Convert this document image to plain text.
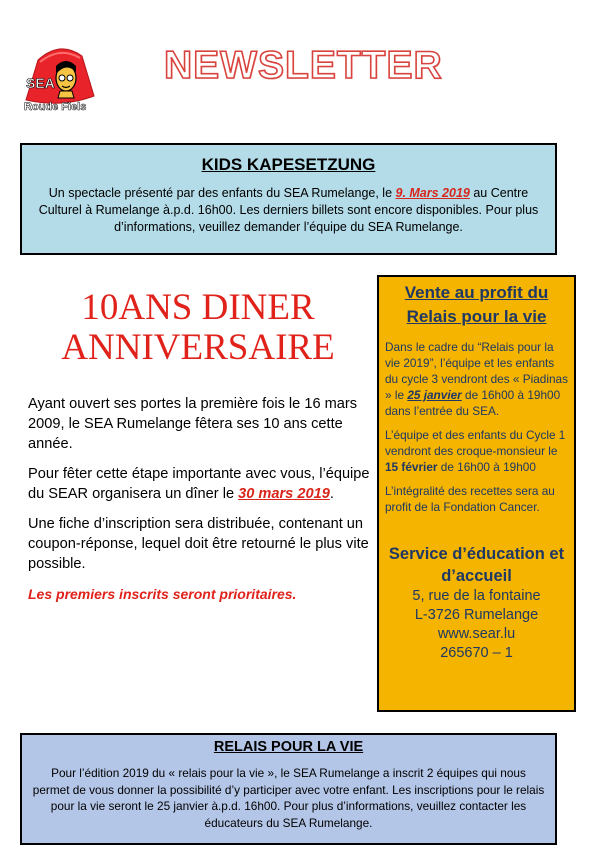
SEA
Roude Fiels
NEWSLETTER
KIDS KAPESETZUNG

Un spectacle présenté par des enfants du SEA Rumelange, le 9. Mars 2019 au Centre Culturel à Rumelange à.p.d. 16h00. Les derniers billets sont encore disponibles. Pour plus d’informations, veuillez demander l’équipe du SEA Rumelange.

10ANS DINER
ANNIVERSAIRE

Ayant ouvert ses portes la première fois le 16 mars 2009, le SEA Rumelange fêtera ses 10 ans cette année.

Pour fêter cette étape importante avec vous, l’équipe du SEAR organisera un dîner le 30 mars 2019.

Une fiche d’inscription sera distribuée, contenant un coupon-réponse, lequel doit être retourné le plus vite possible.

Les premiers inscrits seront prioritaires.

Vente au profit du Relais pour la vie

Dans le cadre du “Relais pour la vie 2019”, l’équipe et les enfants du cycle 3 vendront des « Piadinas » le 25 janvier de 16h00 à 19h00 dans l’entrée du SEA.

L’équipe et des enfants du Cycle 1 vendront des croque-monsieur le 15 février de 16h00 à 19h00

L’intégralité des recettes sera au profit de la Fondation Cancer.

Service d’éducation et d’accueil
5, rue de la fontaine
L-3726 Rumelange
www.sear.lu
265670 – 1
RELAIS POUR LA VIE

Pour l’édition 2019 du « relais pour la vie », le SEA Rumelange a inscrit 2 équipes qui nous permet de vous donner la possibilité d’y participer avec votre enfant. Les inscriptions pour le relais pour la vie seront le 25 janvier à.p.d. 16h00. Pour plus d’informations, veuillez contacter les éducateurs du SEA Rumelange.
